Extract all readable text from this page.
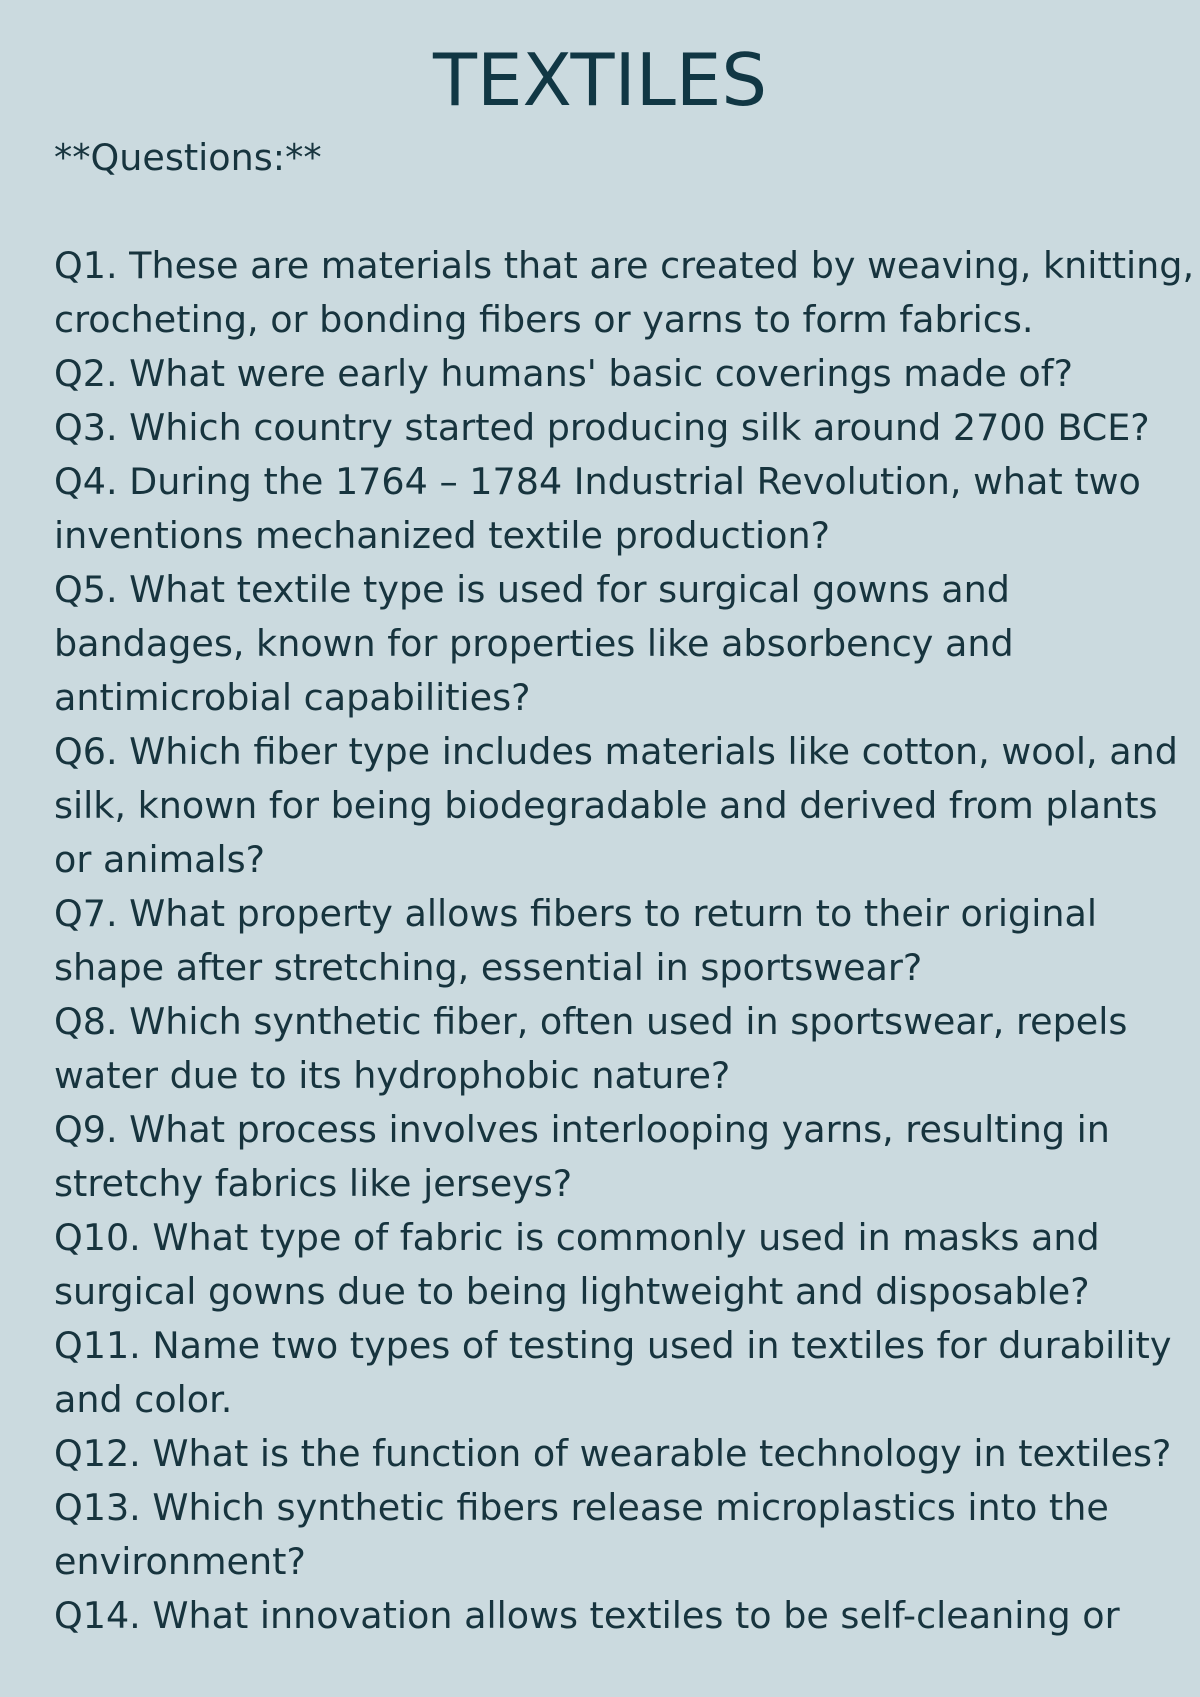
TEXTILES
**Questions:**
Q1. These are materials that are created by weaving, knitting,
crocheting, or bonding fibers or yarns to form fabrics.
Q2. What were early humans' basic coverings made of?
Q3. Which country started producing silk around 2700 BCE?
Q4. During the 1764 – 1784 Industrial Revolution, what two
inventions mechanized textile production?
Q5. What textile type is used for surgical gowns and
bandages, known for properties like absorbency and
antimicrobial capabilities?
Q6. Which fiber type includes materials like cotton, wool, and
silk, known for being biodegradable and derived from plants
or animals?
Q7. What property allows fibers to return to their original
shape after stretching, essential in sportswear?
Q8. Which synthetic fiber, often used in sportswear, repels
water due to its hydrophobic nature?
Q9. What process involves interlooping yarns, resulting in
stretchy fabrics like jerseys?
Q10. What type of fabric is commonly used in masks and
surgical gowns due to being lightweight and disposable?
Q11. Name two types of testing used in textiles for durability
and color.
Q12. What is the function of wearable technology in textiles?
Q13. Which synthetic fibers release microplastics into the
environment?
Q14. What innovation allows textiles to be self-cleaning or
